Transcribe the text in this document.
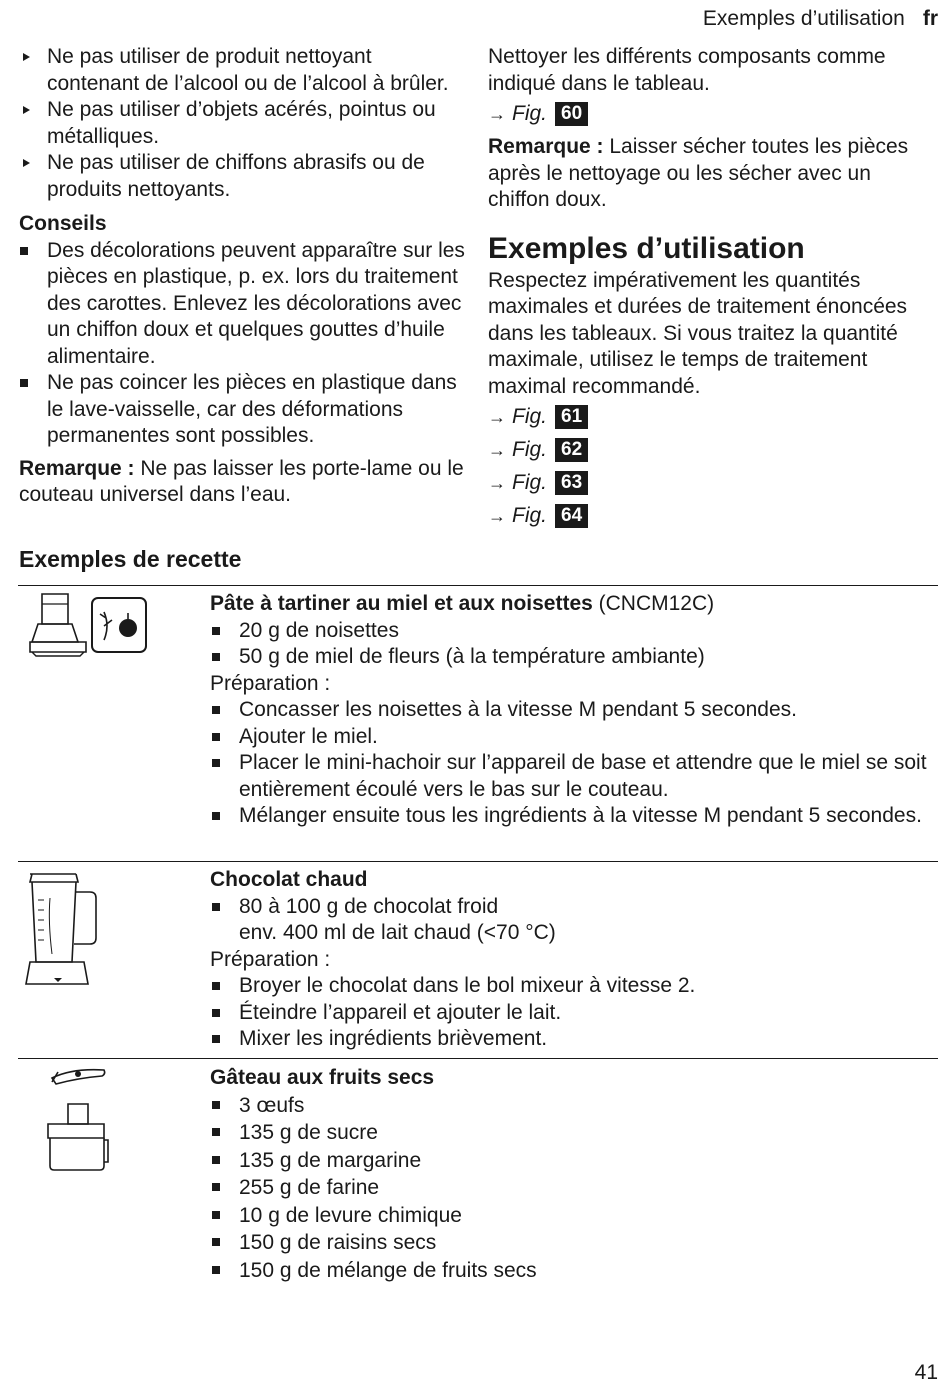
Exemples d’utilisation fr
Ne pas utiliser de produit nettoyant contenant de l’alcool ou de l’alcool à brûler.
Ne pas utiliser d’objets acérés, pointus ou métalliques.
Ne pas utiliser de chiffons abrasifs ou de produits nettoyants.
Conseils
Des décolorations peuvent apparaître sur les pièces en plastique, p. ex. lors du traitement des carottes. Enlevez les décolorations avec un chiffon doux et quelques gouttes d’huile alimentaire.
Ne pas coincer les pièces en plastique dans le lave-vaisselle, car des déformations permanentes sont possibles.
Remarque : Ne pas laisser les porte-lame ou le couteau universel dans l’eau.
Nettoyer les différents composants comme indiqué dans le tableau.
→ Fig. 60
Remarque : Laisser sécher toutes les pièces après le nettoyage ou les sécher avec un chiffon doux.
Exemples d’utilisation
Respectez impérativement les quantités maximales et durées de traitement énoncées dans les tableaux. Si vous traitez la quantité maximale, utilisez le temps de traitement maximal recommandé.
→ Fig. 61
→ Fig. 62
→ Fig. 63
→ Fig. 64
Exemples de recette
Pâte à tartiner au miel et aux noisettes (CNCM12C)
20 g de noisettes
50 g de miel de fleurs (à la température ambiante)
Préparation :
Concasser les noisettes à la vitesse M pendant 5 secondes.
Ajouter le miel.
Placer le mini-hachoir sur l’appareil de base et attendre que le miel se soit entièrement écoulé vers le bas sur le couteau.
Mélanger ensuite tous les ingrédients à la vitesse M pendant 5 secondes.
Chocolat chaud
80 à 100 g de chocolat froid
env. 400 ml de lait chaud (<70 °C)
Préparation :
Broyer le chocolat dans le bol mixeur à vitesse 2.
Éteindre l’appareil et ajouter le lait.
Mixer les ingrédients brièvement.
Gâteau aux fruits secs
3 œufs
135 g de sucre
135 g de margarine
255 g de farine
10 g de levure chimique
150 g de raisins secs
150 g de mélange de fruits secs
41
